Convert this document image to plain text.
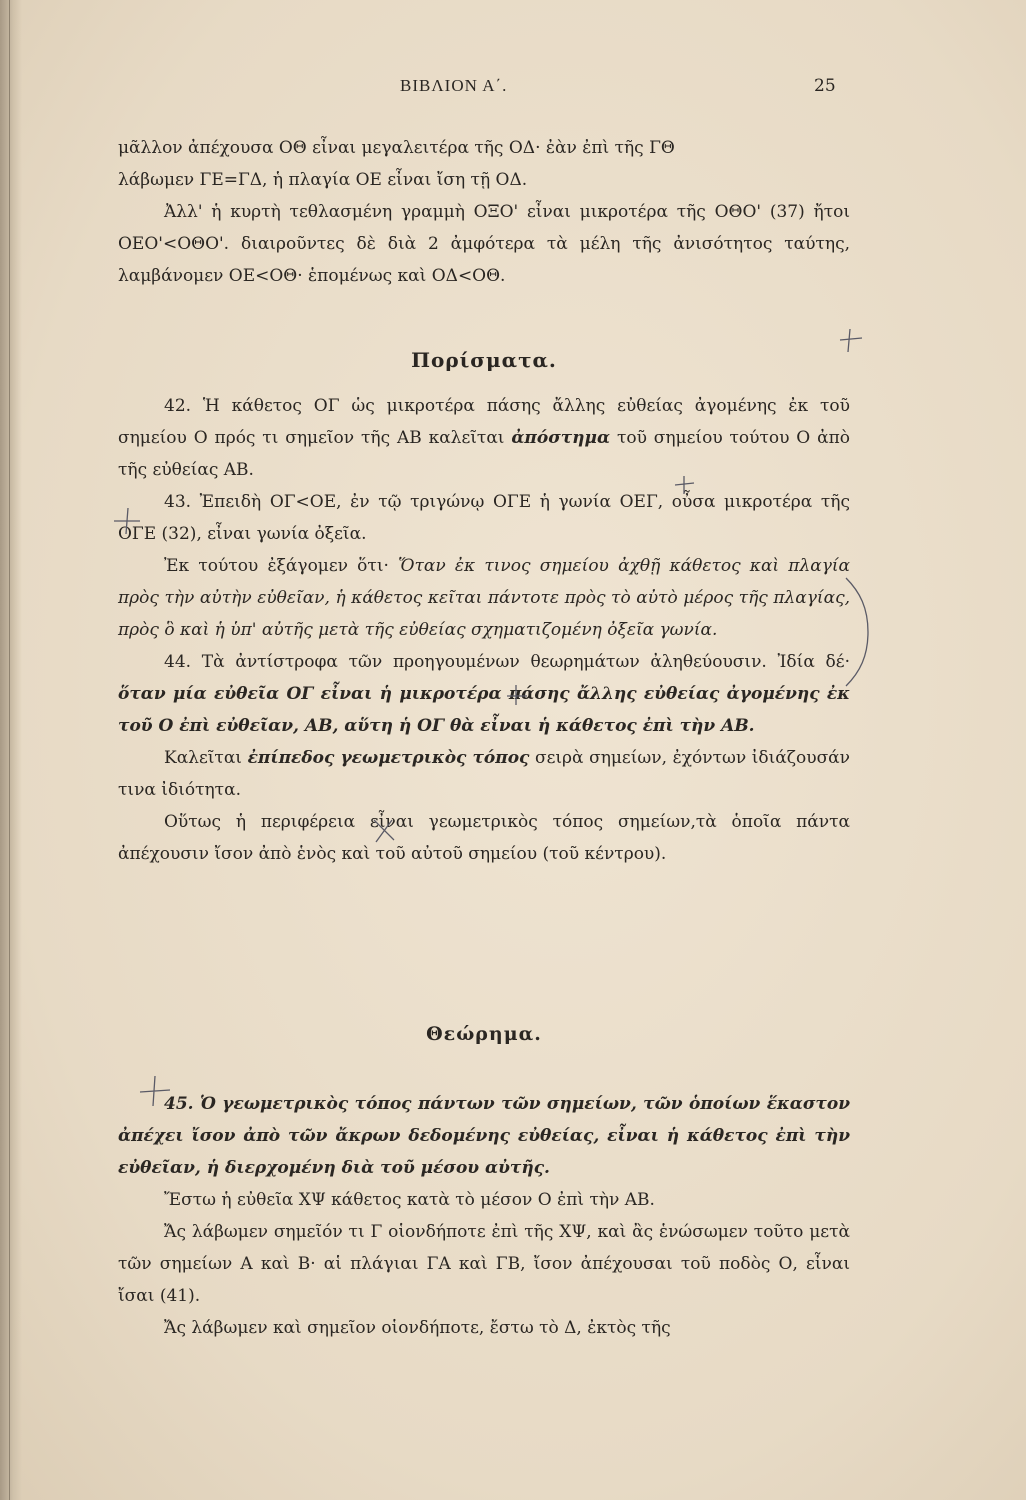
ΒΙΒΛΙΟΝ Α΄.	25

μᾶλλον ἀπέχουσα ΟΘ εἶναι μεγαλειτέρα τῆς ΟΔ· ἐὰν ἐπὶ τῆς ΓΘ

λάβωμεν ΓΕ=ΓΔ, ἡ πλαγία ΟΕ εἶναι ἴση τῇ ΟΔ.

Ἀλλ' ἡ κυρτὴ τεθλασμένη γραμμὴ ΟΞΟ' εἶναι μικροτέρα τῆς ΟΘΟ' (37) ἤτοι ΟΕΟ'<ΟΘΟ'. διαιροῦντες δὲ διὰ 2 ἀμφότερα τὰ μέλη τῆς ἀνισότητος ταύτης, λαμβάνομεν ΟΕ<ΟΘ· ἑπομένως καὶ ΟΔ<ΟΘ.

Πορίσματα.

42. Ἡ κάθετος ΟΓ ὡς μικροτέρα πάσης ἄλλης εὐθείας ἀγομένης ἐκ τοῦ σημείου Ο πρός τι σημεῖον τῆς ΑΒ καλεῖται ἀπόστημα τοῦ σημείου τούτου Ο ἀπὸ τῆς εὐθείας ΑΒ.

43. Ἐπειδὴ ΟΓ<ΟΕ, ἐν τῷ τριγώνῳ ΟΓΕ ἡ γωνία ΟΕΓ, οὖσα μικροτέρα τῆς ΟΓΕ (32), εἶναι γωνία ὀξεῖα.

Ἐκ τούτου ἐξάγομεν ὅτι· Ὅταν ἐκ τινος σημείου ἀχθῇ κάθετος καὶ πλαγία πρὸς τὴν αὐτὴν εὐθεῖαν, ἡ κάθετος κεῖται πάντοτε πρὸς τὸ αὐτὸ μέρος τῆς πλαγίας, πρὸς ὃ καὶ ἡ ὑπ' αὐτῆς μετὰ τῆς εὐθείας σχηματιζομένη ὀξεῖα γωνία.

44. Τὰ ἀντίστροφα τῶν προηγουμένων θεωρημάτων ἀληθεύουσιν. Ἰδία δέ· ὅταν μία εὐθεῖα ΟΓ εἶναι ἡ μικροτέρα πάσης ἄλλης εὐθείας ἀγομένης ἐκ τοῦ Ο ἐπὶ εὐθεῖαν, ΑΒ, αὕτη ἡ ΟΓ θὰ εἶναι ἡ κάθετος ἐπὶ τὴν ΑΒ.

Καλεῖται ἐπίπεδος γεωμετρικὸς τόπος σειρὰ σημείων, ἐχόντων ἰδιάζουσάν τινα ἰδιότητα.

Οὕτως ἡ περιφέρεια εἶναι γεωμετρικὸς τόπος σημείων,τὰ ὁποῖα πάντα ἀπέχουσιν ἴσον ἀπὸ ἑνὸς καὶ τοῦ αὐτοῦ σημείου (τοῦ κέντρου).

Θεώρημα.

45. Ὁ γεωμετρικὸς τόπος πάντων τῶν σημείων, τῶν ὁποίων ἕκαστον ἀπέχει ἴσον ἀπὸ τῶν ἄκρων δεδομένης εὐθείας, εἶναι ἡ κάθετος ἐπὶ τὴν εὐθεῖαν, ἡ διερχομένη διὰ τοῦ μέσου αὐτῆς.

Ἔστω ἡ εὐθεῖα ΧΨ κάθετος κατὰ τὸ μέσον Ο ἐπὶ τὴν ΑΒ.

Ἄς λάβωμεν σημεῖόν τι Γ οἱονδήποτε ἐπὶ τῆς ΧΨ, καὶ ἂς ἑνώσωμεν τοῦτο μετὰ τῶν σημείων Α καὶ Β· αἱ πλάγιαι ΓΑ καὶ ΓΒ, ἴσον ἀπέχουσαι τοῦ ποδὸς Ο, εἶναι ἴσαι (41).

Ἄς λάβωμεν καὶ σημεῖον οἱονδήποτε, ἔστω τὸ Δ, ἐκτὸς τῆς
